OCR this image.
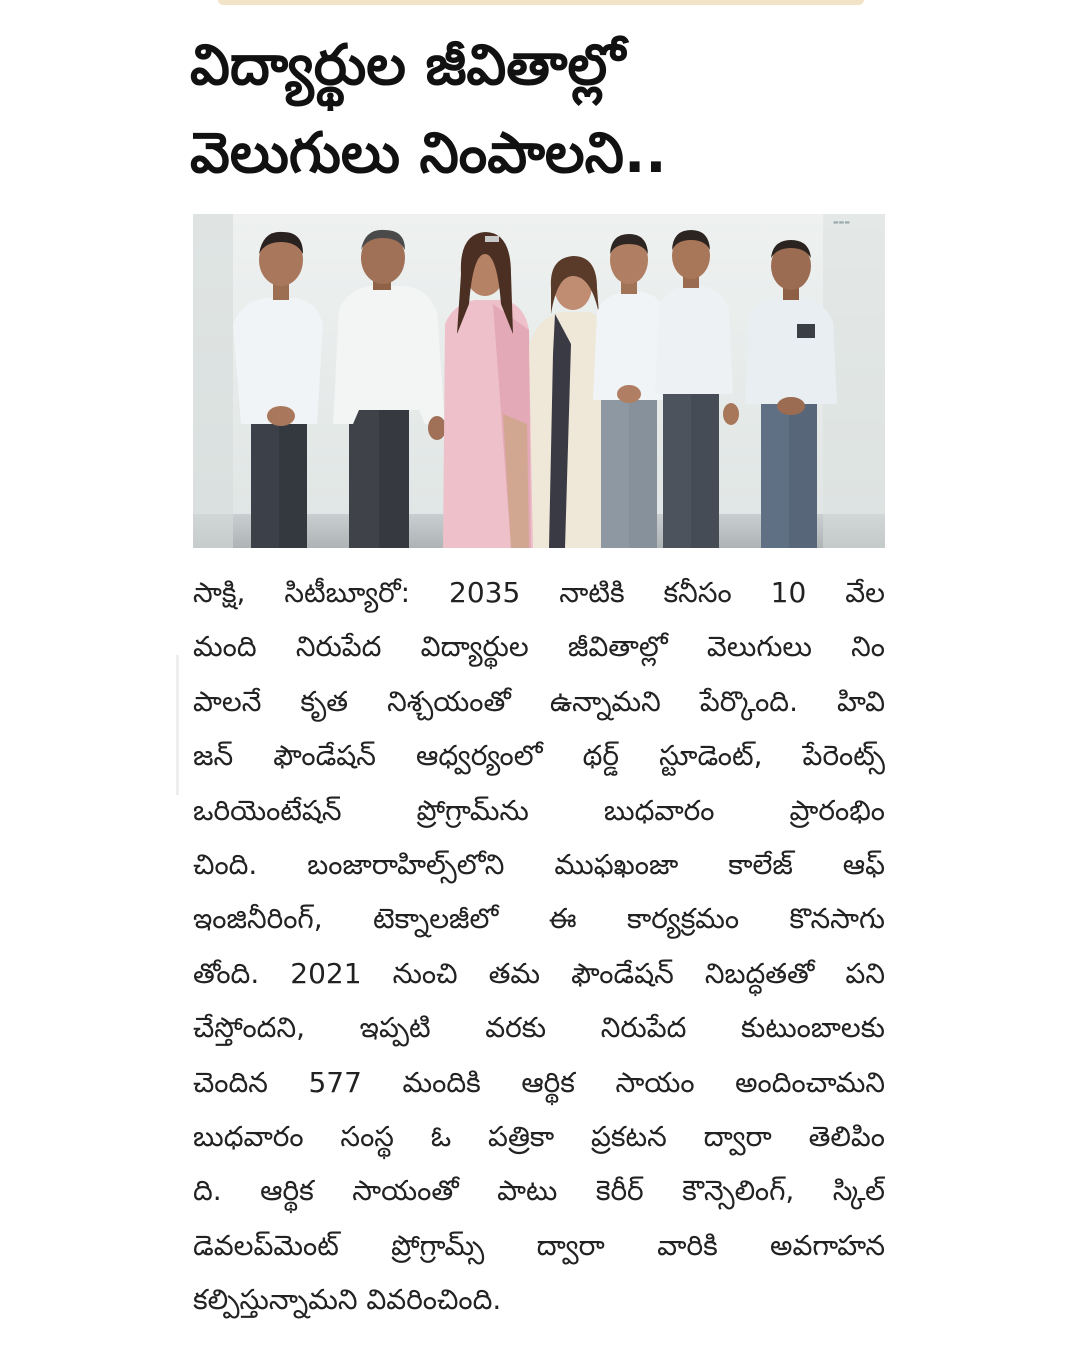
విద్యార్థుల జీవితాల్లో
వెలుగులు నింపాలని..
▬▬▬
సాక్షి, సిటీబ్యూరో: 2035 నాటికి కనీసం 10 వేల
మంది నిరుపేద విద్యార్థుల జీవితాల్లో వెలుగులు నిం
పాలనే కృత నిశ్చయంతో ఉన్నామని పేర్కొంది. హివి
జన్ ఫౌండేషన్ ఆధ్వర్యంలో థర్డ్ స్టూడెంట్, పేరెంట్స్
ఒరియెంటేషన్ ప్రోగ్రామ్‌ను బుధవారం ప్రారంభిం
చింది. బంజారాహిల్స్‌లోని ముఫఖంజా కాలేజ్ ఆఫ్
ఇంజినీరింగ్, టెక్నాలజీలో ఈ కార్యక్రమం కొనసాగు
తోంది. 2021 నుంచి తమ ఫౌండేషన్ నిబద్ధతతో పని
చేస్తోందని, ఇప్పటి వరకు నిరుపేద కుటుంబాలకు
చెందిన 577 మందికి ఆర్థిక సాయం అందించామని
బుధవారం సంస్థ ఓ పత్రికా ప్రకటన ద్వారా తెలిపిం
ది. ఆర్థిక సాయంతో పాటు కెరీర్ కౌన్సెలింగ్, స్కిల్
డెవలప్‌మెంట్ ప్రోగ్రామ్స్ ద్వారా వారికి అవగాహన
కల్పిస్తున్నామని వివరించింది.
